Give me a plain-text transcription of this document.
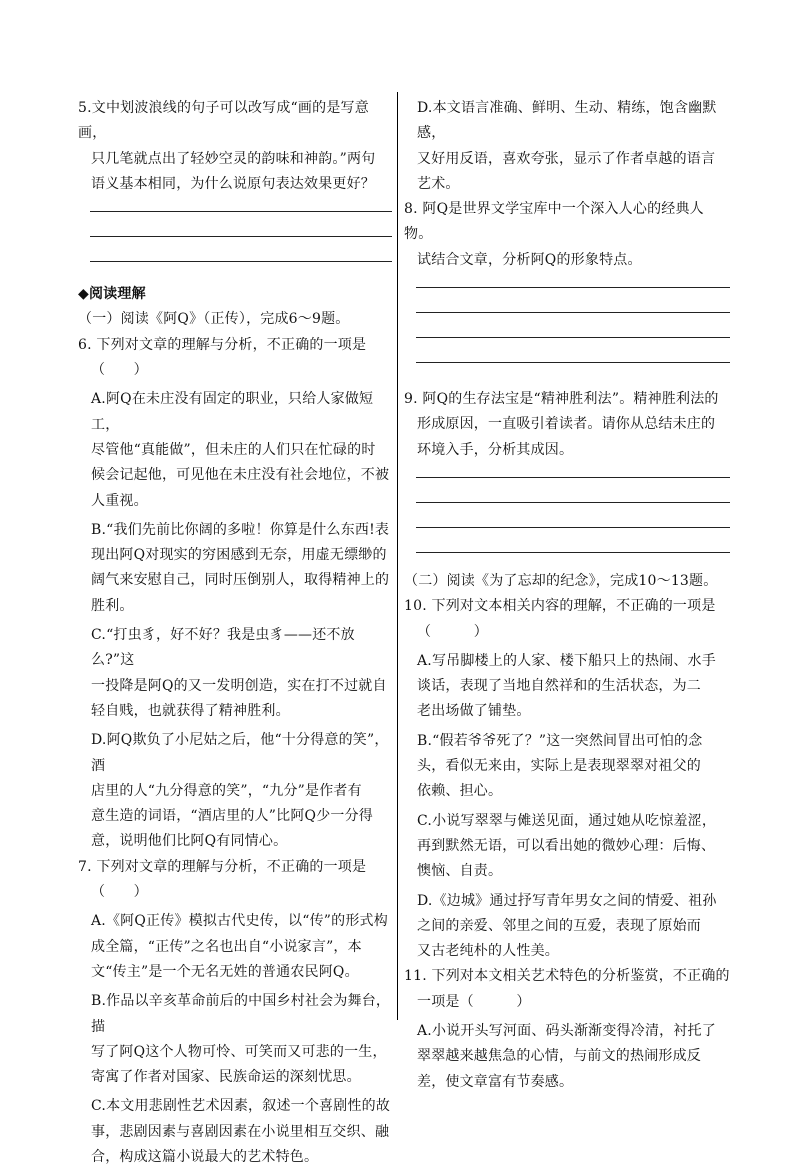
5.文中划波浪线的句子可以改写成“画的是写意画，

只几笔就点出了轻妙空灵的韵味和神韵。”两句

语义基本相同，为什么说原句表达效果更好？

◆阅读理解

（一）阅读《阿Q》（正传），完成6～9题。

6. 下列对文章的理解与分析，不正确的一项是

（　　）

A.阿Q在未庄没有固定的职业，只给人家做短工，

尽管他“真能做”，但未庄的人们只在忙碌的时

候会记起他，可见他在未庄没有社会地位，不被

人重视。

B.“我们先前比你阔的多啦！你算是什么东西!表

现出阿Q对现实的穷困感到无奈，用虚无缥缈的

阔气来安慰自己，同时压倒别人，取得精神上的

胜利。

C.“打虫豸，好不好？我是虫豸——还不放么?”这

一投降是阿Q的又一发明创造，实在打不过就自

轻自贱，也就获得了精神胜利。

D.阿Q欺负了小尼姑之后，他“十分得意的笑”，酒

店里的人“九分得意的笑”，“九分”是作者有

意生造的词语，“酒店里的人”比阿Q少一分得

意，说明他们比阿Q有同情心。

7. 下列对文章的理解与分析，不正确的一项是

（　　）

A.《阿Q正传》模拟古代史传，以“传”的形式构

成全篇，“正传”之名也出自“小说家言”，本

文“传主”是一个无名无姓的普通农民阿Q。

B.作品以辛亥革命前后的中国乡村社会为舞台，描

写了阿Q这个人物可怜、可笑而又可悲的一生，

寄寓了作者对国家、民族命运的深刻忧思。

C.本文用悲剧性艺术因素，叙述一个喜剧性的故

事，悲剧因素与喜剧因素在小说里相互交织、融

合，构成这篇小说最大的艺术特色。

D.本文语言准确、鲜明、生动、精练，饱含幽默感，

又好用反语，喜欢夸张，显示了作者卓越的语言

艺术。

8. 阿Q是世界文学宝库中一个深入人心的经典人物。

试结合文章，分析阿Q的形象特点。

9. 阿Q的生存法宝是“精神胜利法”。精神胜利法的

形成原因，一直吸引着读者。请你从总结未庄的

环境入手，分析其成因。

（二）阅读《为了忘却的纪念》，完成10～13题。

10. 下列对文本相关内容的理解，不正确的一项是

（　　　）

A.写吊脚楼上的人家、楼下船只上的热闹、水手

谈话，表现了当地自然祥和的生活状态，为二

老出场做了铺垫。

B.“假若爷爷死了？”这一突然间冒出可怕的念

头，看似无来由，实际上是表现翠翠对祖父的

依赖、担心。

C.小说写翠翠与傩送见面，通过她从吃惊羞涩，

再到默然无语，可以看出她的微妙心理：后悔、

懊恼、自责。

D.《边城》通过抒写青年男女之间的情爱、祖孙

之间的亲爱、邻里之间的互爱，表现了原始而

又古老纯朴的人性美。

11. 下列对本文相关艺术特色的分析鉴赏，不正确的

一项是（　　　）

A.小说开头写河面、码头渐渐变得冷清，衬托了

翠翠越来越焦急的心情，与前文的热闹形成反

差，使文章富有节奏感。
